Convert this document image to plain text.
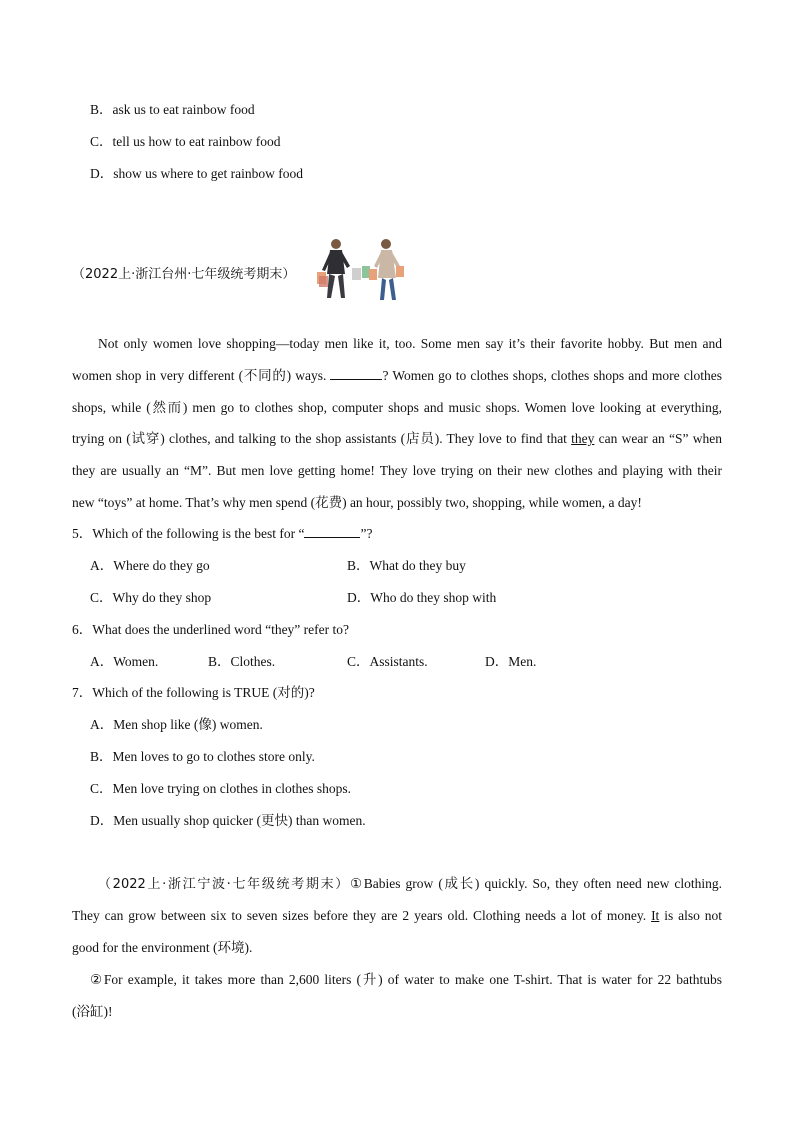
B．ask us to eat rainbow food
C．tell us how to eat rainbow food
D．show us where to get rainbow food
（2022上·浙江台州·七年级统考期末）
Not only women love shopping—today men like it, too. Some men say it’s their favorite hobby. But men and
women shop in very different (不同的) ways.	? Women go to clothes shops, clothes shops and more clothes
shops, while (然而) men go to clothes shop, computer shops and music shops. Women love looking at everything,
trying on (试穿) clothes, and talking to the shop assistants (店员). They love to find that they can wear an “S” when
they are usually an “M”. But men love getting home! They love trying on their new clothes and playing with their
new “toys” at home. That’s why men spend (花费) an hour, possibly two, shopping, while women, a day!
5．Which of the following is the best for “	”?
A．Where do they go	B．What do they buy
C．Why do they shop	D．Who do they shop with
6．What does the underlined word “they” refer to?
A．Women.	B．Clothes.	C．Assistants.	D．Men.
7．Which of the following is TRUE (对的)?
A．Men shop like (像) women.
B．Men loves to go to clothes store only.
C．Men love trying on clothes in clothes shops.
D．Men usually shop quicker (更快) than women.
（2022上·浙江宁波·七年级统考期末）①Babies grow (成长) quickly. So, they often need new clothing.
They can grow between six to seven sizes before they are 2 years old. Clothing needs a lot of money. It is also not
good for the environment (环境).
②For example, it takes more than 2,600 liters (升) of water to make one T-shirt. That is water for 22 bathtubs
(浴缸)!
